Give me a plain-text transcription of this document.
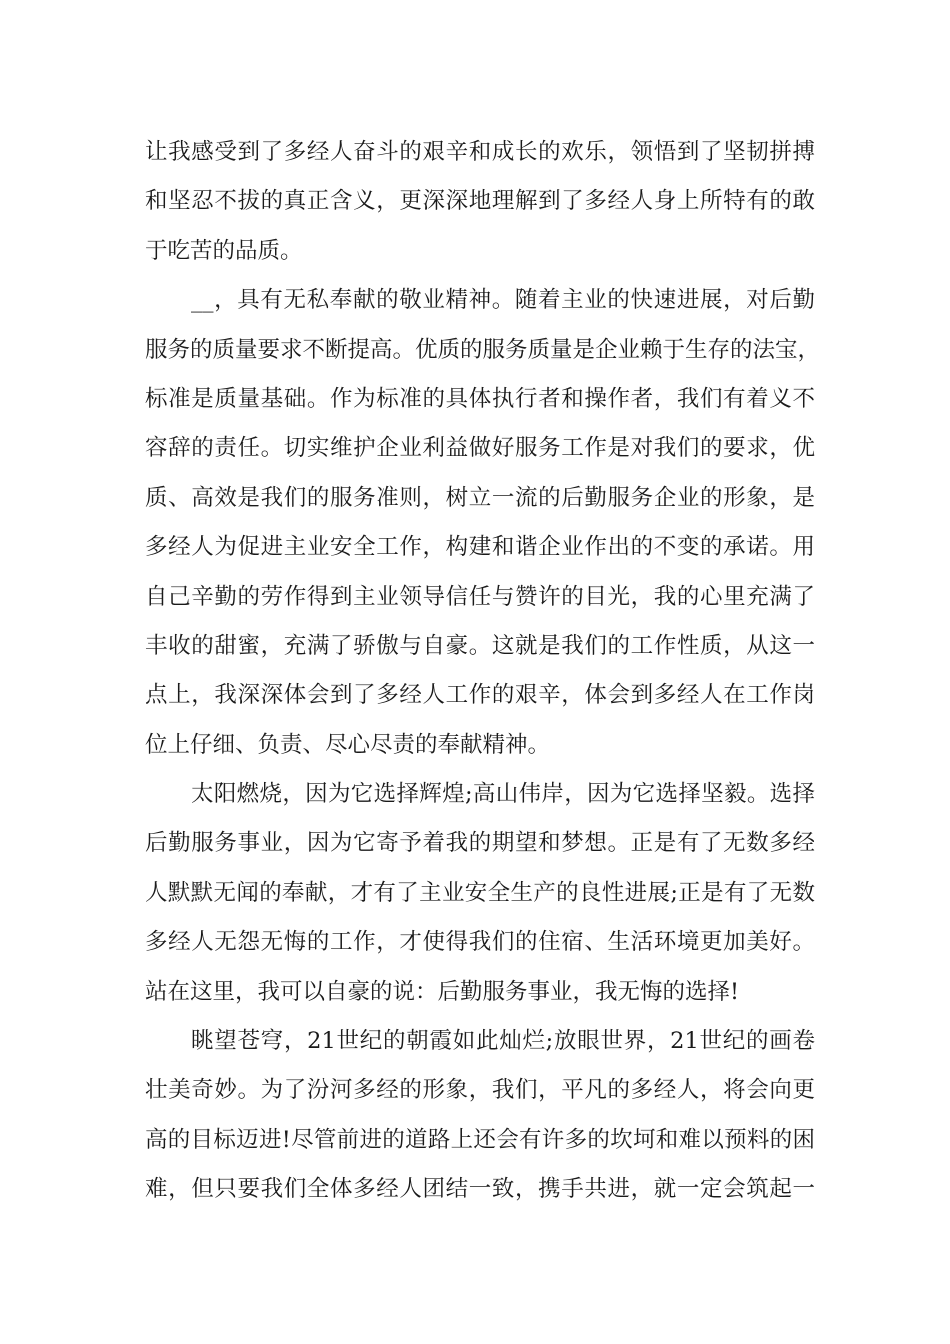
让我感受到了多经人奋斗的艰辛和成长的欢乐，领悟到了坚韧拼搏
和坚忍不拔的真正含义，更深深地理解到了多经人身上所特有的敢
于吃苦的品质。
__，具有无私奉献的敬业精神。随着主业的快速进展，对后勤
服务的质量要求不断提高。优质的服务质量是企业赖于生存的法宝，
标准是质量基础。作为标准的具体执行者和操作者，我们有着义不
容辞的责任。切实维护企业利益做好服务工作是对我们的要求，优
质、高效是我们的服务准则，树立一流的后勤服务企业的形象，是
多经人为促进主业安全工作，构建和谐企业作出的不变的承诺。用
自己辛勤的劳作得到主业领导信任与赞许的目光，我的心里充满了
丰收的甜蜜，充满了骄傲与自豪。这就是我们的工作性质，从这一
点上，我深深体会到了多经人工作的艰辛，体会到多经人在工作岗
位上仔细、负责、尽心尽责的奉献精神。
太阳燃烧，因为它选择辉煌;高山伟岸，因为它选择坚毅。选择
后勤服务事业，因为它寄予着我的期望和梦想。正是有了无数多经
人默默无闻的奉献，才有了主业安全生产的良性进展;正是有了无数
多经人无怨无悔的工作，才使得我们的住宿、生活环境更加美好。
站在这里，我可以自豪的说：后勤服务事业，我无悔的选择!
眺望苍穹，21世纪的朝霞如此灿烂;放眼世界，21世纪的画卷
壮美奇妙。为了汾河多经的形象，我们，平凡的多经人，将会向更
高的目标迈进!尽管前进的道路上还会有许多的坎坷和难以预料的困
难，但只要我们全体多经人团结一致，携手共进，就一定会筑起一
